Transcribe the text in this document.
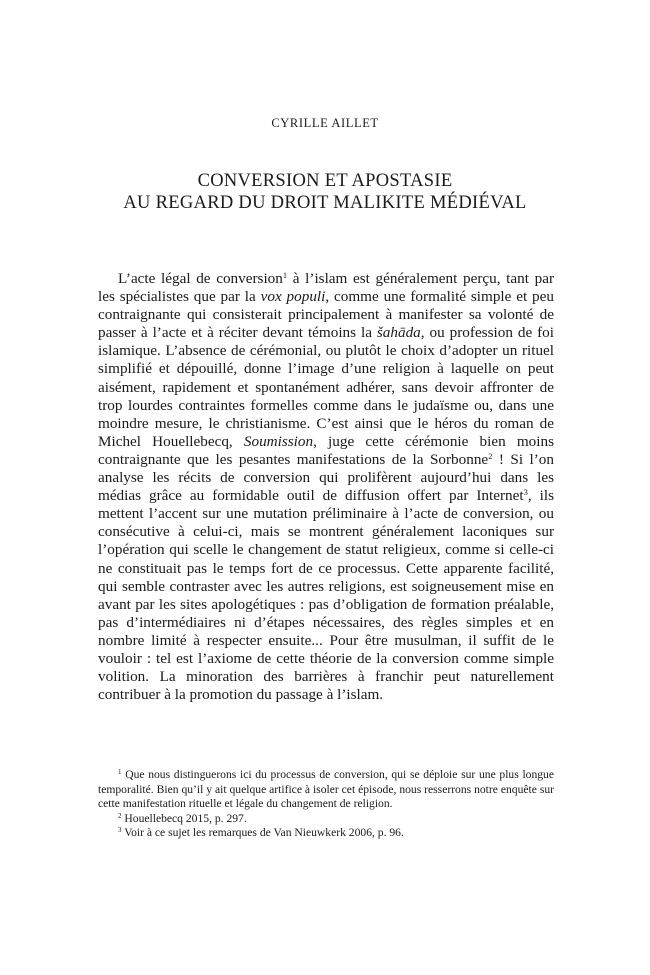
CYRILLE AILLET
CONVERSION ET APOSTASIE
AU REGARD DU DROIT MALIKITE MÉDIÉVAL

L’acte légal de conversion$^1$ à l’islam est généralement perçu, tant par les spécialistes que par la vox populi, comme une formalité simple et peu contraignante qui consisterait principalement à manifester sa volonté de passer à l’acte et à réciter devant témoins la šahāda, ou profession de foi islamique. L’absence de cérémonial, ou plutôt le choix d’adopter un rituel simplifié et dépouillé, donne l’image d’une religion à laquelle on peut aisément, rapidement et spontanément adhérer, sans devoir affronter de trop lourdes contraintes formelles comme dans le judaïsme ou, dans une moindre mesure, le christianisme. C’est ainsi que le héros du roman de Michel Houellebecq, Soumission, juge cette cérémonie bien moins contraignante que les pesantes manifestations de la Sorbonne$^2$ ! Si l’on analyse les récits de conversion qui prolifèrent aujourd’hui dans les médias grâce au formidable outil de diffusion offert par Internet$^3$, ils mettent l’accent sur une mutation préliminaire à l’acte de conversion, ou consécutive à celui-ci, mais se montrent généralement laconiques sur l’opération qui scelle le changement de statut religieux, comme si celle-ci ne constituait pas le temps fort de ce processus. Cette apparente facilité, qui semble contraster avec les autres religions, est soigneusement mise en avant par les sites apologétiques : pas d’obligation de formation préalable, pas d’intermédiaires ni d’étapes nécessaires, des règles simples et en nombre limité à respecter ensuite... Pour être musulman, il suffit de le vouloir : tel est l’axiome de cette théorie de la conversion comme simple volition. La minoration des barrières à franchir peut naturellement contribuer à la promotion du passage à l’islam.

$^1$ Que nous distinguerons ici du processus de conversion, qui se déploie sur une plus longue temporalité. Bien qu’il y ait quelque artifice à isoler cet épisode, nous resserrons notre enquête sur cette manifestation rituelle et légale du changement de religion.

$^2$ Houellebecq 2015, p. 297.

$^3$ Voir à ce sujet les remarques de Van Nieuwkerk 2006, p. 96.
